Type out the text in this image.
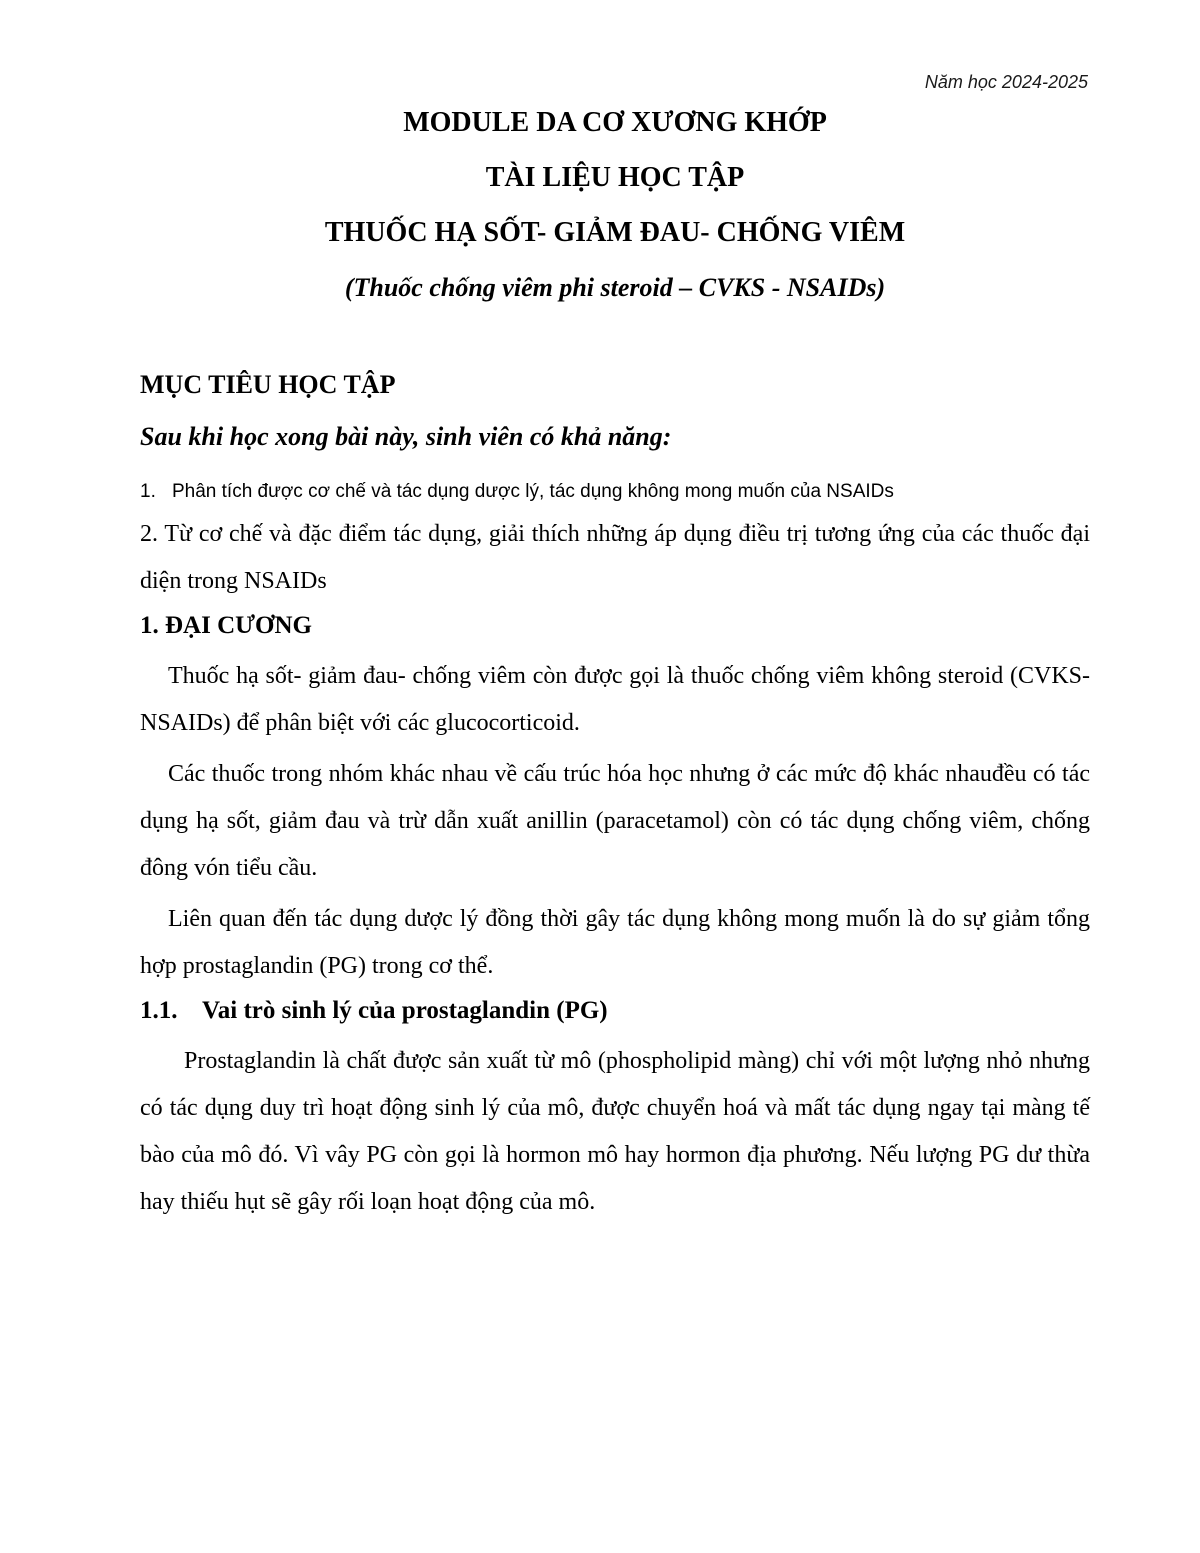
Năm học 2024-2025

MODULE DA CƠ XƯƠNG KHỚP

TÀI LIỆU HỌC TẬP

THUỐC HẠ SỐT- GIẢM ĐAU- CHỐNG VIÊM

(Thuốc chống viêm phi steroid – CVKS - NSAIDs)

MỤC TIÊU HỌC TẬP

Sau khi học xong bài này, sinh viên có khả năng:

1. Phân tích được cơ chế và tác dụng dược lý, tác dụng không mong muốn của NSAIDs

2. Từ cơ chế và đặc điểm tác dụng, giải thích những áp dụng điều trị tương ứng của các thuốc đại diện trong NSAIDs

1. ĐẠI CƯƠNG

Thuốc hạ sốt- giảm đau- chống viêm còn được gọi là thuốc chống viêm không steroid (CVKS- NSAIDs) để phân biệt với các glucocorticoid.

Các thuốc trong nhóm khác nhau về cấu trúc hóa học nhưng ở các mức độ khác nhauđều có tác dụng hạ sốt, giảm đau và trừ dẫn xuất anillin (paracetamol) còn có tác dụng chống viêm, chống đông vón tiểu cầu.

Liên quan đến tác dụng dược lý đồng thời gây tác dụng không mong muốn là do sự giảm tổng hợp prostaglandin (PG) trong cơ thể.

1.1. Vai trò sinh lý của prostaglandin (PG)

Prostaglandin là chất được sản xuất từ mô (phospholipid màng) chỉ với một lượng nhỏ nhưng có tác dụng duy trì hoạt động sinh lý của mô, được chuyển hoá và mất tác dụng ngay tại màng tế bào của mô đó. Vì vây PG còn gọi là hormon mô hay hormon địa phương. Nếu lượng PG dư thừa hay thiếu hụt sẽ gây rối loạn hoạt động của mô.
